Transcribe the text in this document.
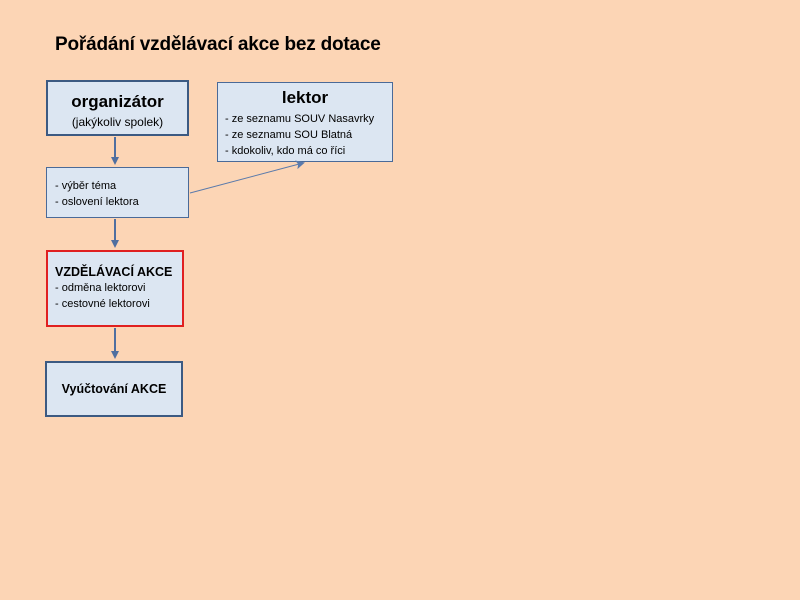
Pořádání vzdělávací akce bez dotace
organizátor
(jakýkoliv spolek)
lektor
- ze seznamu SOUV Nasavrky
- ze seznamu SOU Blatná
- kdokoliv, kdo má co říci
- výběr téma
- oslovení lektora
VZDĚLÁVACÍ AKCE
- odměna lektorovi
- cestovné lektorovi
Vyúčtování AKCE
